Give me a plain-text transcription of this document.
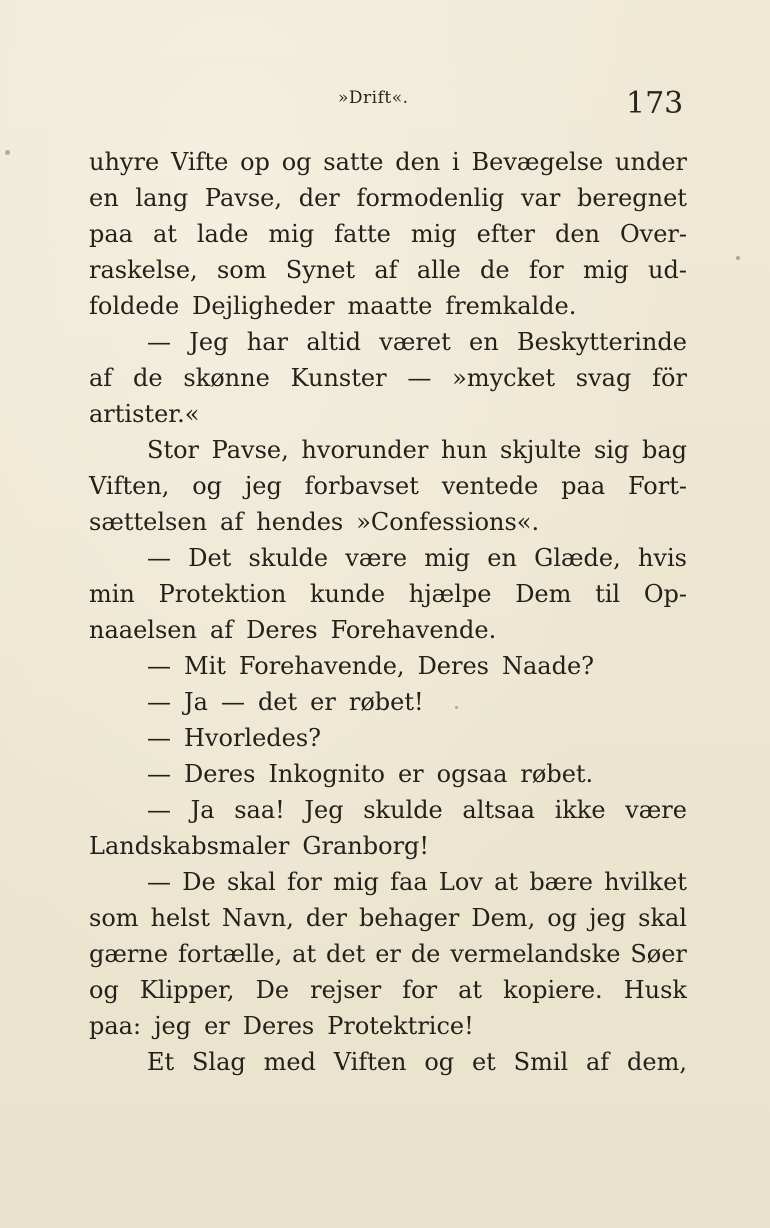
»Drift«.	173
uhyre Vifte op og satte den i Bevægelse under
en lang Pavse, der formodenlig var beregnet
paa at lade mig fatte mig efter den Over-
raskelse, som Synet af alle de for mig ud-
foldede Dejligheder maatte fremkalde.
— Jeg har altid været en Beskytterinde
af de skønne Kunster — »mycket svag för
artister.«
Stor Pavse, hvorunder hun skjulte sig bag
Viften, og jeg forbavset ventede paa Fort-
sættelsen af hendes »Confessions«.
— Det skulde være mig en Glæde, hvis
min Protektion kunde hjælpe Dem til Op-
naaelsen af Deres Forehavende.
— Mit Forehavende, Deres Naade?
— Ja — det er røbet!
— Hvorledes?
— Deres Inkognito er ogsaa røbet.
— Ja saa! Jeg skulde altsaa ikke være
Landskabsmaler Granborg!
— De skal for mig faa Lov at bære hvilket
som helst Navn, der behager Dem, og jeg skal
gærne fortælle, at det er de vermelandske Søer
og Klipper, De rejser for at kopiere. Husk
paa: jeg er Deres Protektrice!
Et Slag med Viften og et Smil af dem,
